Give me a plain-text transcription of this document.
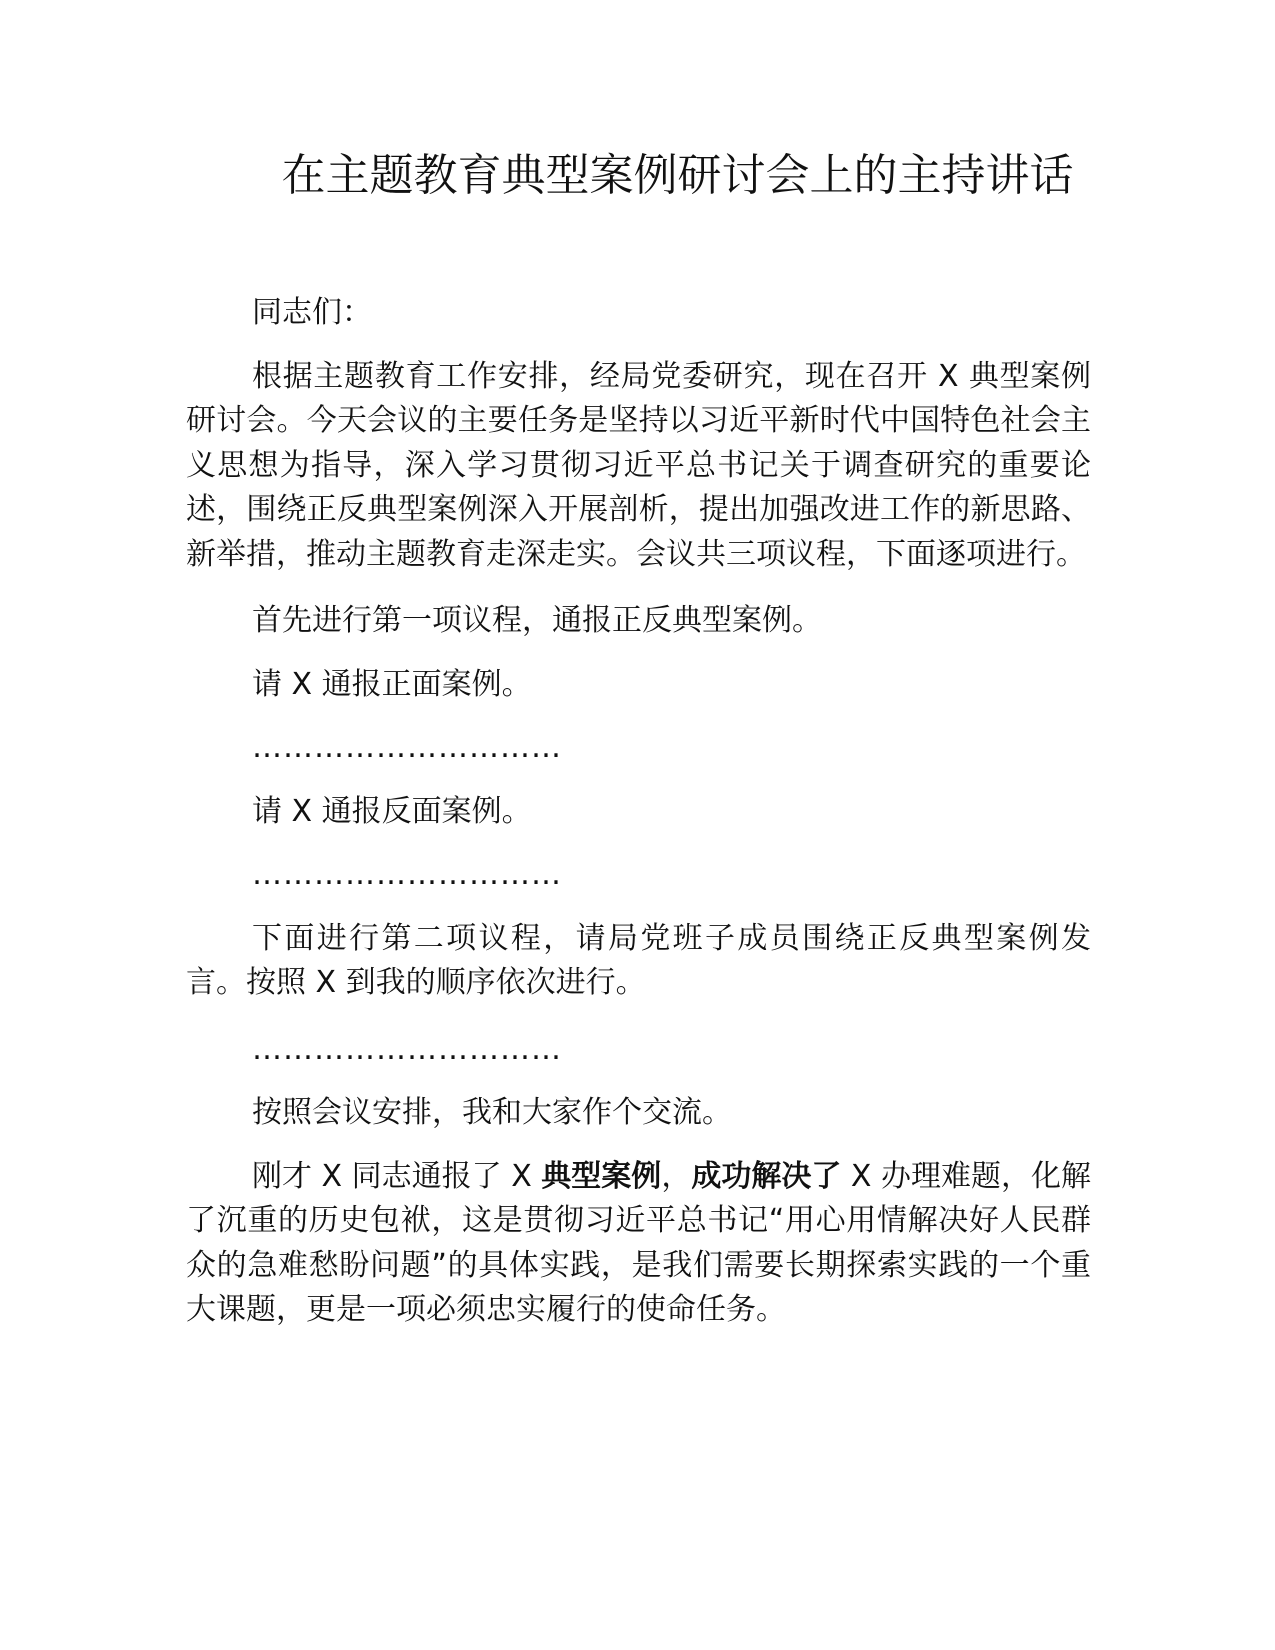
在主题教育典型案例研讨会上的主持讲话

同志们：

根据主题教育工作安排，经局党委研究，现在召开 X 典型案例研讨会。今天会议的主要任务是坚持以习近平新时代中国特色社会主义思想为指导，深入学习贯彻习近平总书记关于调查研究的重要论述，围绕正反典型案例深入开展剖析，提出加强改进工作的新思路、新举措，推动主题教育走深走实。会议共三项议程，下面逐项进行。

首先进行第一项议程，通报正反典型案例。

请 X 通报正面案例。

…………………………

请 X 通报反面案例。

…………………………

下面进行第二项议程，请局党班子成员围绕正反典型案例发言。按照 X 到我的顺序依次进行。

…………………………

按照会议安排，我和大家作个交流。

刚才 X 同志通报了 X 典型案例，成功解决了 X 办理难题，化解了沉重的历史包袱，这是贯彻习近平总书记“用心用情解决好人民群众的急难愁盼问题”的具体实践，是我们需要长期探索实践的一个重大课题，更是一项必须忠实履行的使命任务。
